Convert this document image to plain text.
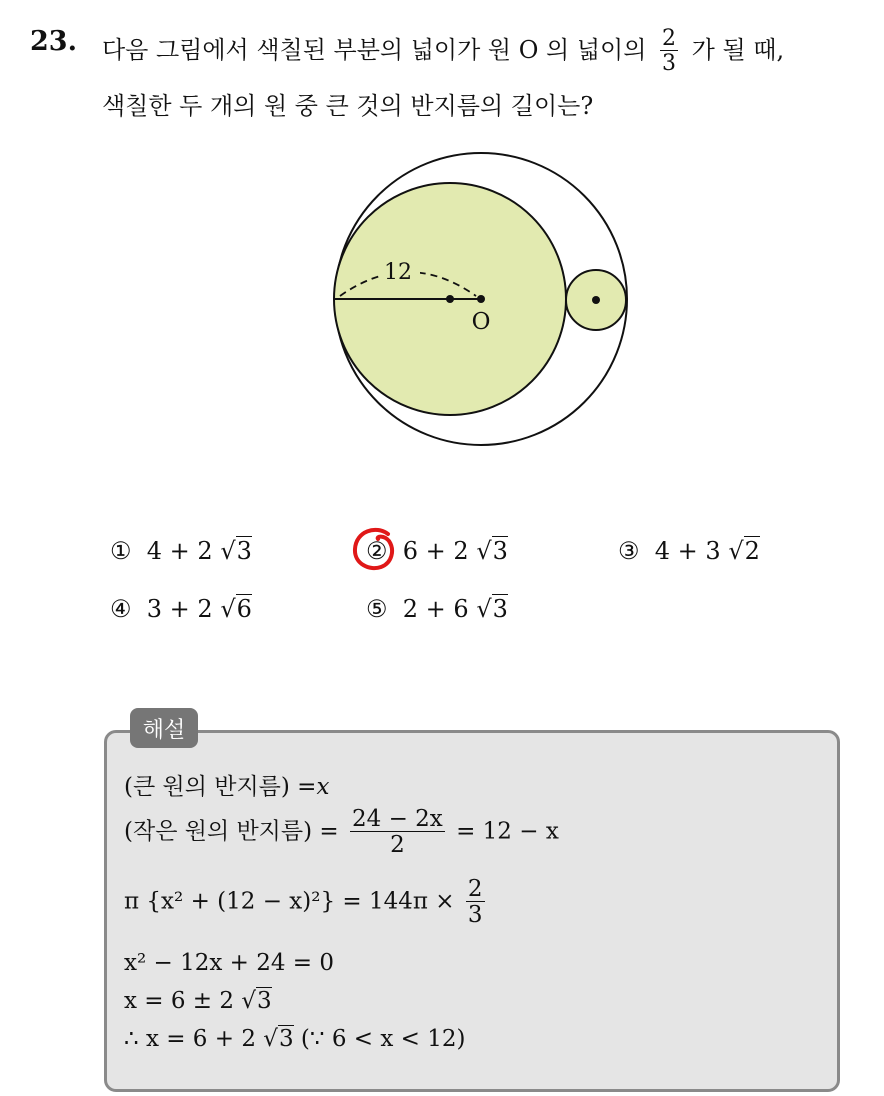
23. 다음 그림에서 색칠된 부분의 넓이가 원 O 의 넓이의 $\frac{2}{3}$ 가 될 때,
색칠한 두 개의 원 중 큰 것의 반지름의 길이는?
12
O
① 4 + 2 √3	② 6 + 2 √3	③ 4 + 3 √2
④ 3 + 2 √6	⑤ 2 + 6 √3
해설
(큰 원의 반지름) =x
(작은 원의 반지름) = $\frac{24 - 2x}{2} = 12 - x$
π $\{x^2 + (12 - x)^2\} = 144\pi \times \frac{2}{3}$
x² − 12x + 24 = 0
x = 6 ± 2 √3
∴ x = 6 + 2 √3 (∵ 6 < x < 12)
